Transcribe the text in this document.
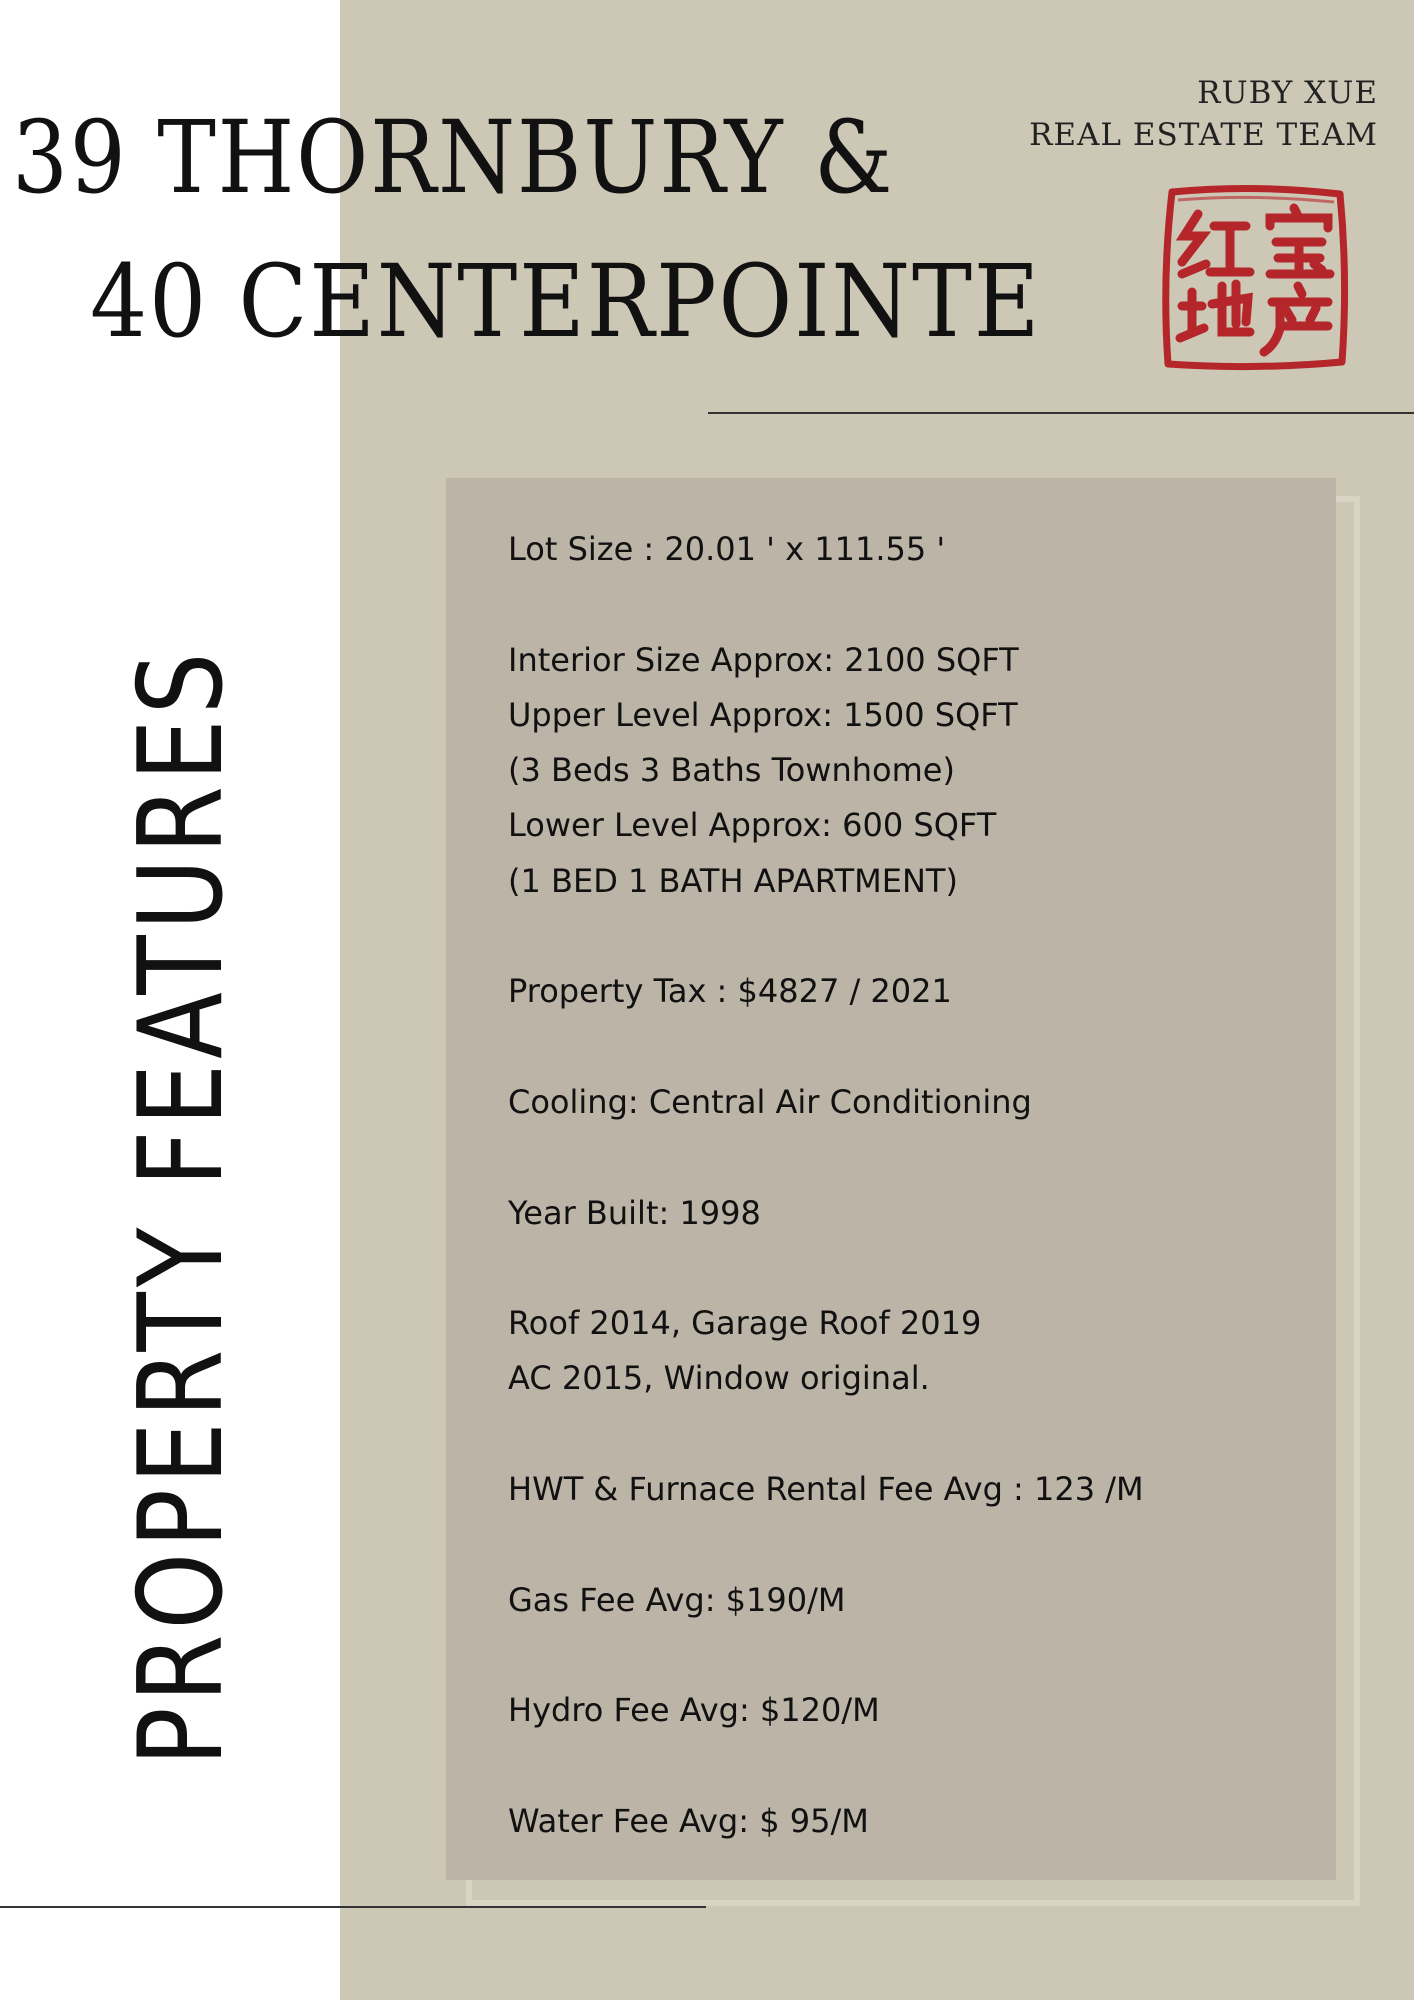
39 THORNBURY &
40 CENTERPOINTE
RUBY XUE
REAL ESTATE TEAM
PROPERTY FEATURES
Lot Size : 20.01 ' x 111.55 '
Interior Size Approx: 2100 SQFT
Upper Level Approx: 1500 SQFT
(3 Beds 3 Baths Townhome)
Lower Level Approx: 600 SQFT
(1 BED 1 BATH APARTMENT)
Property Tax : $4827 / 2021
Cooling: Central Air Conditioning
Year Built: 1998
Roof 2014, Garage Roof 2019
AC 2015, Window original.
HWT & Furnace Rental Fee Avg : 123 /M
Gas Fee Avg: $190/M
Hydro Fee Avg: $120/M
Water Fee Avg: $ 95/M
